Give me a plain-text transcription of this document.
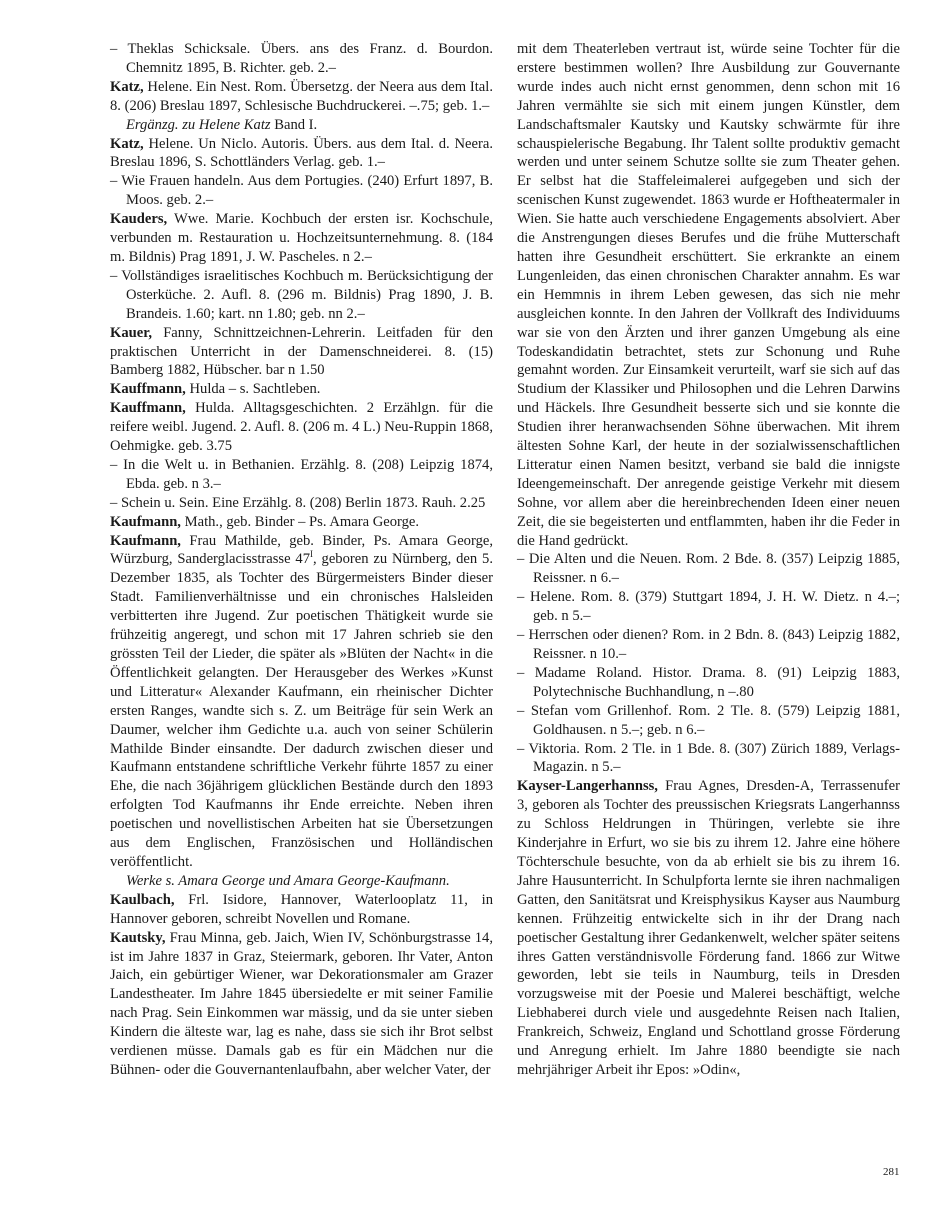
– Theklas Schicksale. Übers. ans des Franz. d. Bourdon. Chemnitz 1895, B. Richter. geb. 2.–
Katz, Helene. Ein Nest. Rom. Übersetzg. der Neera aus dem Ital. 8. (206) Breslau 1897, Schlesische Buchdruckerei. –.75; geb. 1.–
Ergänzg. zu Helene Katz Band I.
Katz, Helene. Un Niclo. Autoris. Übers. aus dem Ital. d. Neera. Breslau 1896, S. Schottländers Verlag. geb. 1.–
– Wie Frauen handeln. Aus dem Portugies. (240) Erfurt 1897, B. Moos. geb. 2.–
Kauders, Wwe. Marie. Kochbuch der ersten isr. Kochschule, verbunden m. Restauration u. Hochzeitsunternehmung. 8. (184 m. Bildnis) Prag 1891, J. W. Pascheles. n 2.–
– Vollständiges israelitisches Kochbuch m. Berücksichtigung der Osterküche. 2. Aufl. 8. (296 m. Bildnis) Prag 1890, J. B. Brandeis. 1.60; kart. nn 1.80; geb. nn 2.–
Kauer, Fanny, Schnittzeichnen-Lehrerin. Leitfaden für den praktischen Unterricht in der Damenschneiderei. 8. (15) Bamberg 1882, Hübscher. bar n 1.50
Kauffmann, Hulda – s. Sachtleben.
Kauffmann, Hulda. Alltagsgeschichten. 2 Erzählgn. für die reifere weibl. Jugend. 2. Aufl. 8. (206 m. 4 L.) Neu-Ruppin 1868, Oehmigke. geb. 3.75
– In die Welt u. in Bethanien. Erzählg. 8. (208) Leipzig 1874, Ebda. geb. n 3.–
– Schein u. Sein. Eine Erzählg. 8. (208) Berlin 1873. Rauh. 2.25
Kaufmann, Math., geb. Binder – Ps. Amara George.
Kaufmann, Frau Mathilde, geb. Binder, Ps. Amara George, Würzburg, Sanderglacisstrasse $47^I$, geboren zu Nürnberg, den 5. Dezember 1835, als Tochter des Bürgermeisters Binder dieser Stadt. Familienverhältnisse und ein chronisches Halsleiden verbitterten ihre Jugend. Zur poetischen Thätigkeit wurde sie frühzeitig angeregt, und schon mit 17 Jahren schrieb sie den grössten Teil der Lieder, die später als »Blüten der Nacht« in die Öffentlichkeit gelangten. Der Herausgeber des Werkes »Kunst und Litteratur« Alexander Kaufmann, ein rheinischer Dichter ersten Ranges, wandte sich s. Z. um Beiträge für sein Werk an Daumer, welcher ihm Gedichte u.a. auch von seiner Schülerin Mathilde Binder einsandte. Der dadurch zwischen dieser und Kaufmann entstandene schriftliche Verkehr führte 1857 zu einer Ehe, die nach 36jährigem glücklichen Bestände durch den 1893 erfolgten Tod Kaufmanns ihr Ende erreichte. Neben ihren poetischen und novellistischen Arbeiten hat sie Übersetzungen aus dem Englischen, Französischen und Holländischen veröffentlicht.
Werke s. Amara George und Amara George-Kaufmann.
Kaulbach, Frl. Isidore, Hannover, Waterlooplatz 11, in Hannover geboren, schreibt Novellen und Romane.
Kautsky, Frau Minna, geb. Jaich, Wien IV, Schönburgstrasse 14, ist im Jahre 1837 in Graz, Steiermark, geboren. Ihr Vater, Anton Jaich, ein gebürtiger Wiener, war Dekorationsmaler am Grazer Landestheater. Im Jahre 1845 übersiedelte er mit seiner Familie nach Prag. Sein Einkommen war mässig, und da sie unter sieben Kindern die älteste war, lag es nahe, dass sie sich ihr Brot selbst verdienen müsse. Damals gab es für ein Mädchen nur die Bühnen- oder die Gouvernantenlaufbahn, aber welcher Vater, der
mit dem Theaterleben vertraut ist, würde seine Tochter für die erstere bestimmen wollen? Ihre Ausbildung zur Gouvernante wurde indes auch nicht ernst genommen, denn schon mit 16 Jahren vermählte sie sich mit einem jungen Künstler, dem Landschaftsmaler Kautsky und Kautsky schwärmte für ihre schauspielerische Begabung. Ihr Talent sollte produktiv gemacht werden und unter seinem Schutze sollte sie zum Theater gehen. Er selbst hat die Staffeleimalerei aufgegeben und sich der scenischen Kunst zugewendet. 1863 wurde er Hoftheatermaler in Wien. Sie hatte auch verschiedene Engagements absolviert. Aber die Anstrengungen dieses Berufes und die frühe Mutterschaft hatten ihre Gesundheit erschüttert. Sie erkrankte an einem Lungenleiden, das einen chronischen Charakter annahm. Es war ein Hemmnis in ihrem Leben gewesen, das sich nie mehr ausgleichen konnte. In den Jahren der Vollkraft des Individuums war sie von den Ärzten und ihrer ganzen Umgebung als eine Todeskandidatin betrachtet, stets zur Schonung und Ruhe gemahnt worden. Zur Einsamkeit verurteilt, warf sie sich auf das Studium der Klassiker und Philosophen und die Lehren Darwins und Häckels. Ihre Gesundheit besserte sich und sie konnte die Studien ihrer heranwachsenden Söhne überwachen. Mit ihrem ältesten Sohne Karl, der heute in der sozialwissenschaftlichen Litteratur einen Namen besitzt, verband sie bald die innigste Ideengemeinschaft. Der anregende geistige Verkehr mit diesem Sohne, vor allem aber die hereinbrechenden Ideen einer neuen Zeit, die sie begeisterten und entflammten, haben ihr die Feder in die Hand gedrückt.
– Die Alten und die Neuen. Rom. 2 Bde. 8. (357) Leipzig 1885, Reissner. n 6.–
– Helene. Rom. 8. (379) Stuttgart 1894, J. H. W. Dietz. n 4.–; geb. n 5.–
– Herrschen oder dienen? Rom. in 2 Bdn. 8. (843) Leipzig 1882, Reissner. n 10.–
– Madame Roland. Histor. Drama. 8. (91) Leipzig 1883, Polytechnische Buchhandlung, n –.80
– Stefan vom Grillenhof. Rom. 2 Tle. 8. (579) Leipzig 1881, Goldhausen. n 5.–; geb. n 6.–
– Viktoria. Rom. 2 Tle. in 1 Bde. 8. (307) Zürich 1889, Verlags-Magazin. n 5.–
Kayser-Langerhannss, Frau Agnes, Dresden-A, Terrassenufer 3, geboren als Tochter des preussischen Kriegsrats Langerhannss zu Schloss Heldrungen in Thüringen, verlebte sie ihre Kinderjahre in Erfurt, wo sie bis zu ihrem 12. Jahre eine höhere Töchterschule besuchte, von da ab erhielt sie bis zu ihrem 16. Jahre Hausunterricht. In Schulpforta lernte sie ihren nachmaligen Gatten, den Sanitätsrat und Kreisphysikus Kayser aus Naumburg kennen. Frühzeitig entwickelte sich in ihr der Drang nach poetischer Gestaltung ihrer Gedankenwelt, welcher später seitens ihres Gatten verständnisvolle Förderung fand. 1866 zur Witwe geworden, lebt sie teils in Naumburg, teils in Dresden vorzugsweise mit der Poesie und Malerei beschäftigt, welche Liebhaberei durch viele und ausgedehnte Reisen nach Italien, Frankreich, Schweiz, England und Schottland grosse Förderung und Anregung erhielt. Im Jahre 1880 beendigte sie nach mehrjähriger Arbeit ihr Epos: »Odin«,
281
